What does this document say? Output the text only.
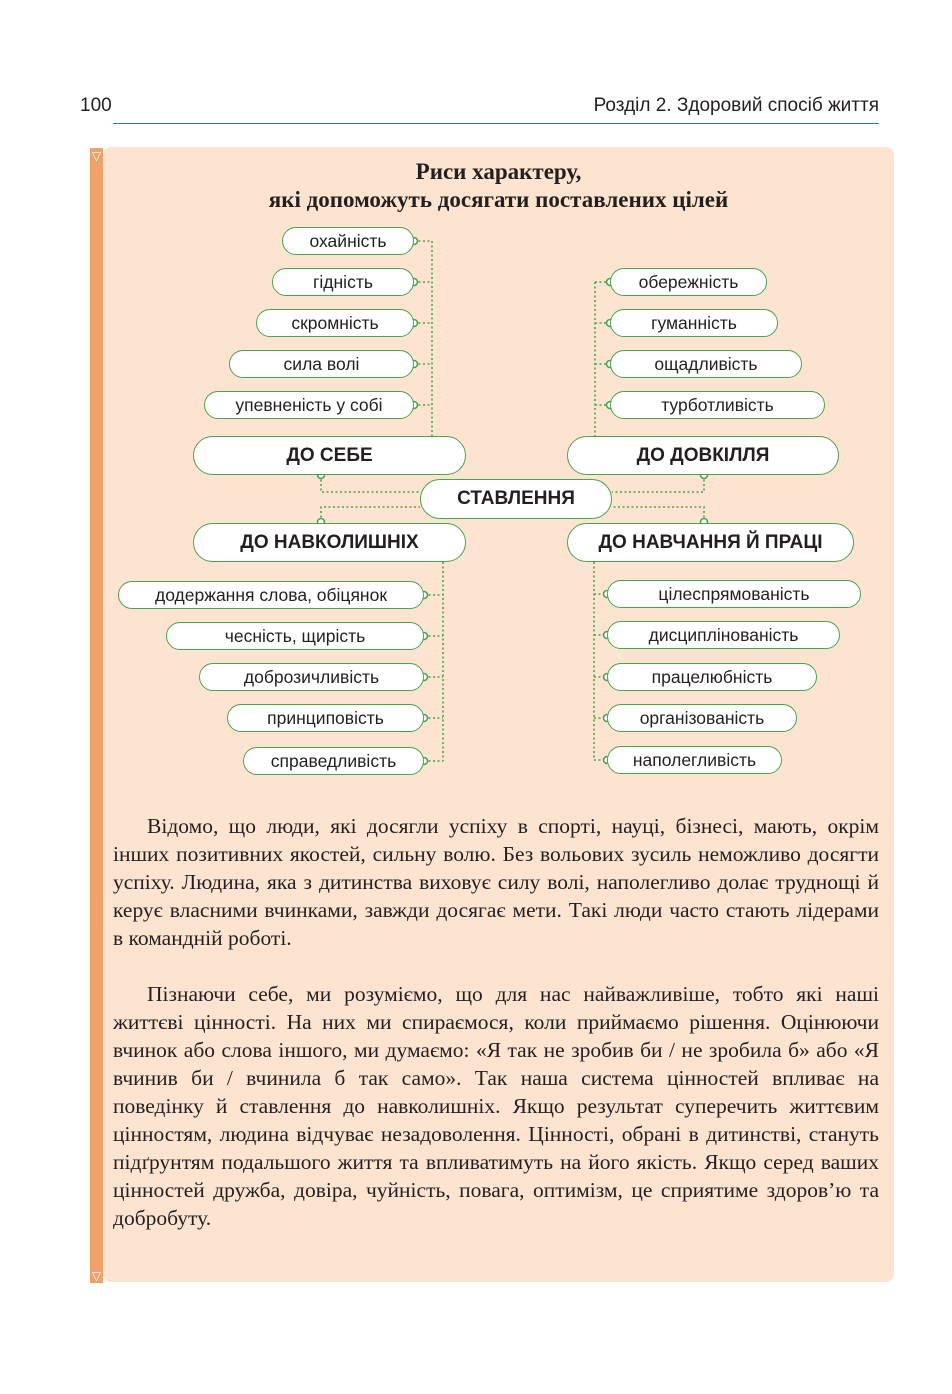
100	Розділ 2. Здоровий спосіб життя
▽
▽
Риси характеру,
які допоможуть досягати поставлених цілей
охайність
гідність
скромність
сила волі
упевненість у собі
обережність
гуманність
ощадливість
турботливість
ДО СЕБЕ	ДО ДОВКІЛЛЯ
СТАВЛЕННЯ
ДО НАВКОЛИШНІХ	ДО НАВЧАННЯ Й ПРАЦІ
додержання слова, обіцянок
чесність, щирість
доброзичливість
принциповість
справедливість
цілеспрямованість
дисциплінованість
працелюбність
організованість
наполегливість

Відомо, що люди, які досягли успіху в спорті, науці, бізнесі, мають, окрім інших позитивних якостей, сильну волю. Без вольових зусиль неможливо досягти успіху. Людина, яка з дитинства виховує силу волі, наполегливо долає труднощі й керує власними вчинками, завжди досягає мети. Такі люди часто стають лідерами в командній роботі.

Пізнаючи себе, ми розуміємо, що для нас найважливіше, тобто які наші життєві цінності. На них ми спираємося, коли приймаємо рішення. Оцінюючи вчинок або слова іншого, ми думаємо: «Я так не зробив би / не зробила б» або «Я вчинив би / вчинила б так само». Так наша система цінностей впливає на поведінку й ставлення до навколишніх. Якщо результат суперечить життєвим цінностям, людина відчуває незадоволення. Цінності, обрані в дитинстві, стануть підґрунтям подальшого життя та впливатимуть на його якість. Якщо серед ваших цінностей дружба, довіра, чуйність, повага, оптимізм, це сприятиме здоров’ю та добробуту.
